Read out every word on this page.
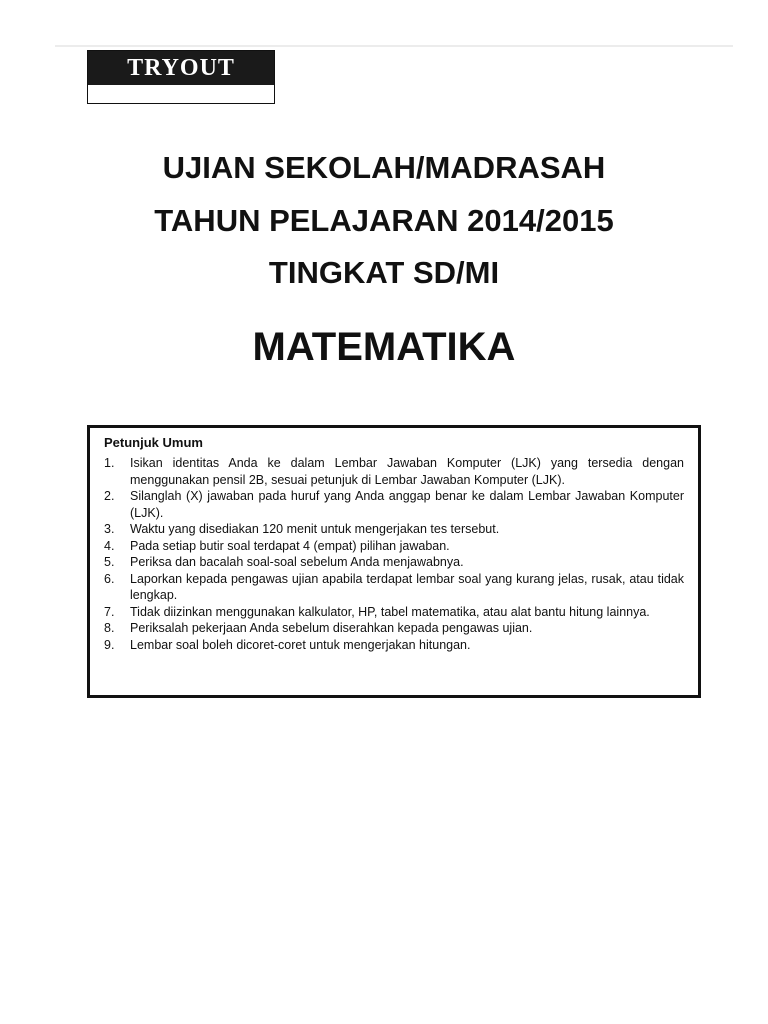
TRYOUT
UJIAN SEKOLAH/MADRASAH
TAHUN PELAJARAN 2014/2015
TINGKAT SD/MI
MATEMATIKA
Petunjuk Umum
1.	Isikan identitas Anda ke dalam Lembar Jawaban Komputer (LJK) yang tersedia dengan menggunakan pensil 2B, sesuai petunjuk di Lembar Jawaban Komputer (LJK).
2.	Silanglah (X) jawaban pada huruf yang Anda anggap benar ke dalam Lembar Jawaban Komputer (LJK).
3.	Waktu yang disediakan 120 menit untuk mengerjakan tes tersebut.
4.	Pada setiap butir soal terdapat 4 (empat) pilihan jawaban.
5.	Periksa dan bacalah soal-soal sebelum Anda menjawabnya.
6.	Laporkan kepada pengawas ujian apabila terdapat lembar soal yang kurang jelas, rusak, atau tidak lengkap.
7.	Tidak diizinkan menggunakan kalkulator, HP, tabel matematika, atau alat bantu hitung lainnya.
8.	Periksalah pekerjaan Anda sebelum diserahkan kepada pengawas ujian.
9.	Lembar soal boleh dicoret-coret untuk mengerjakan hitungan.
